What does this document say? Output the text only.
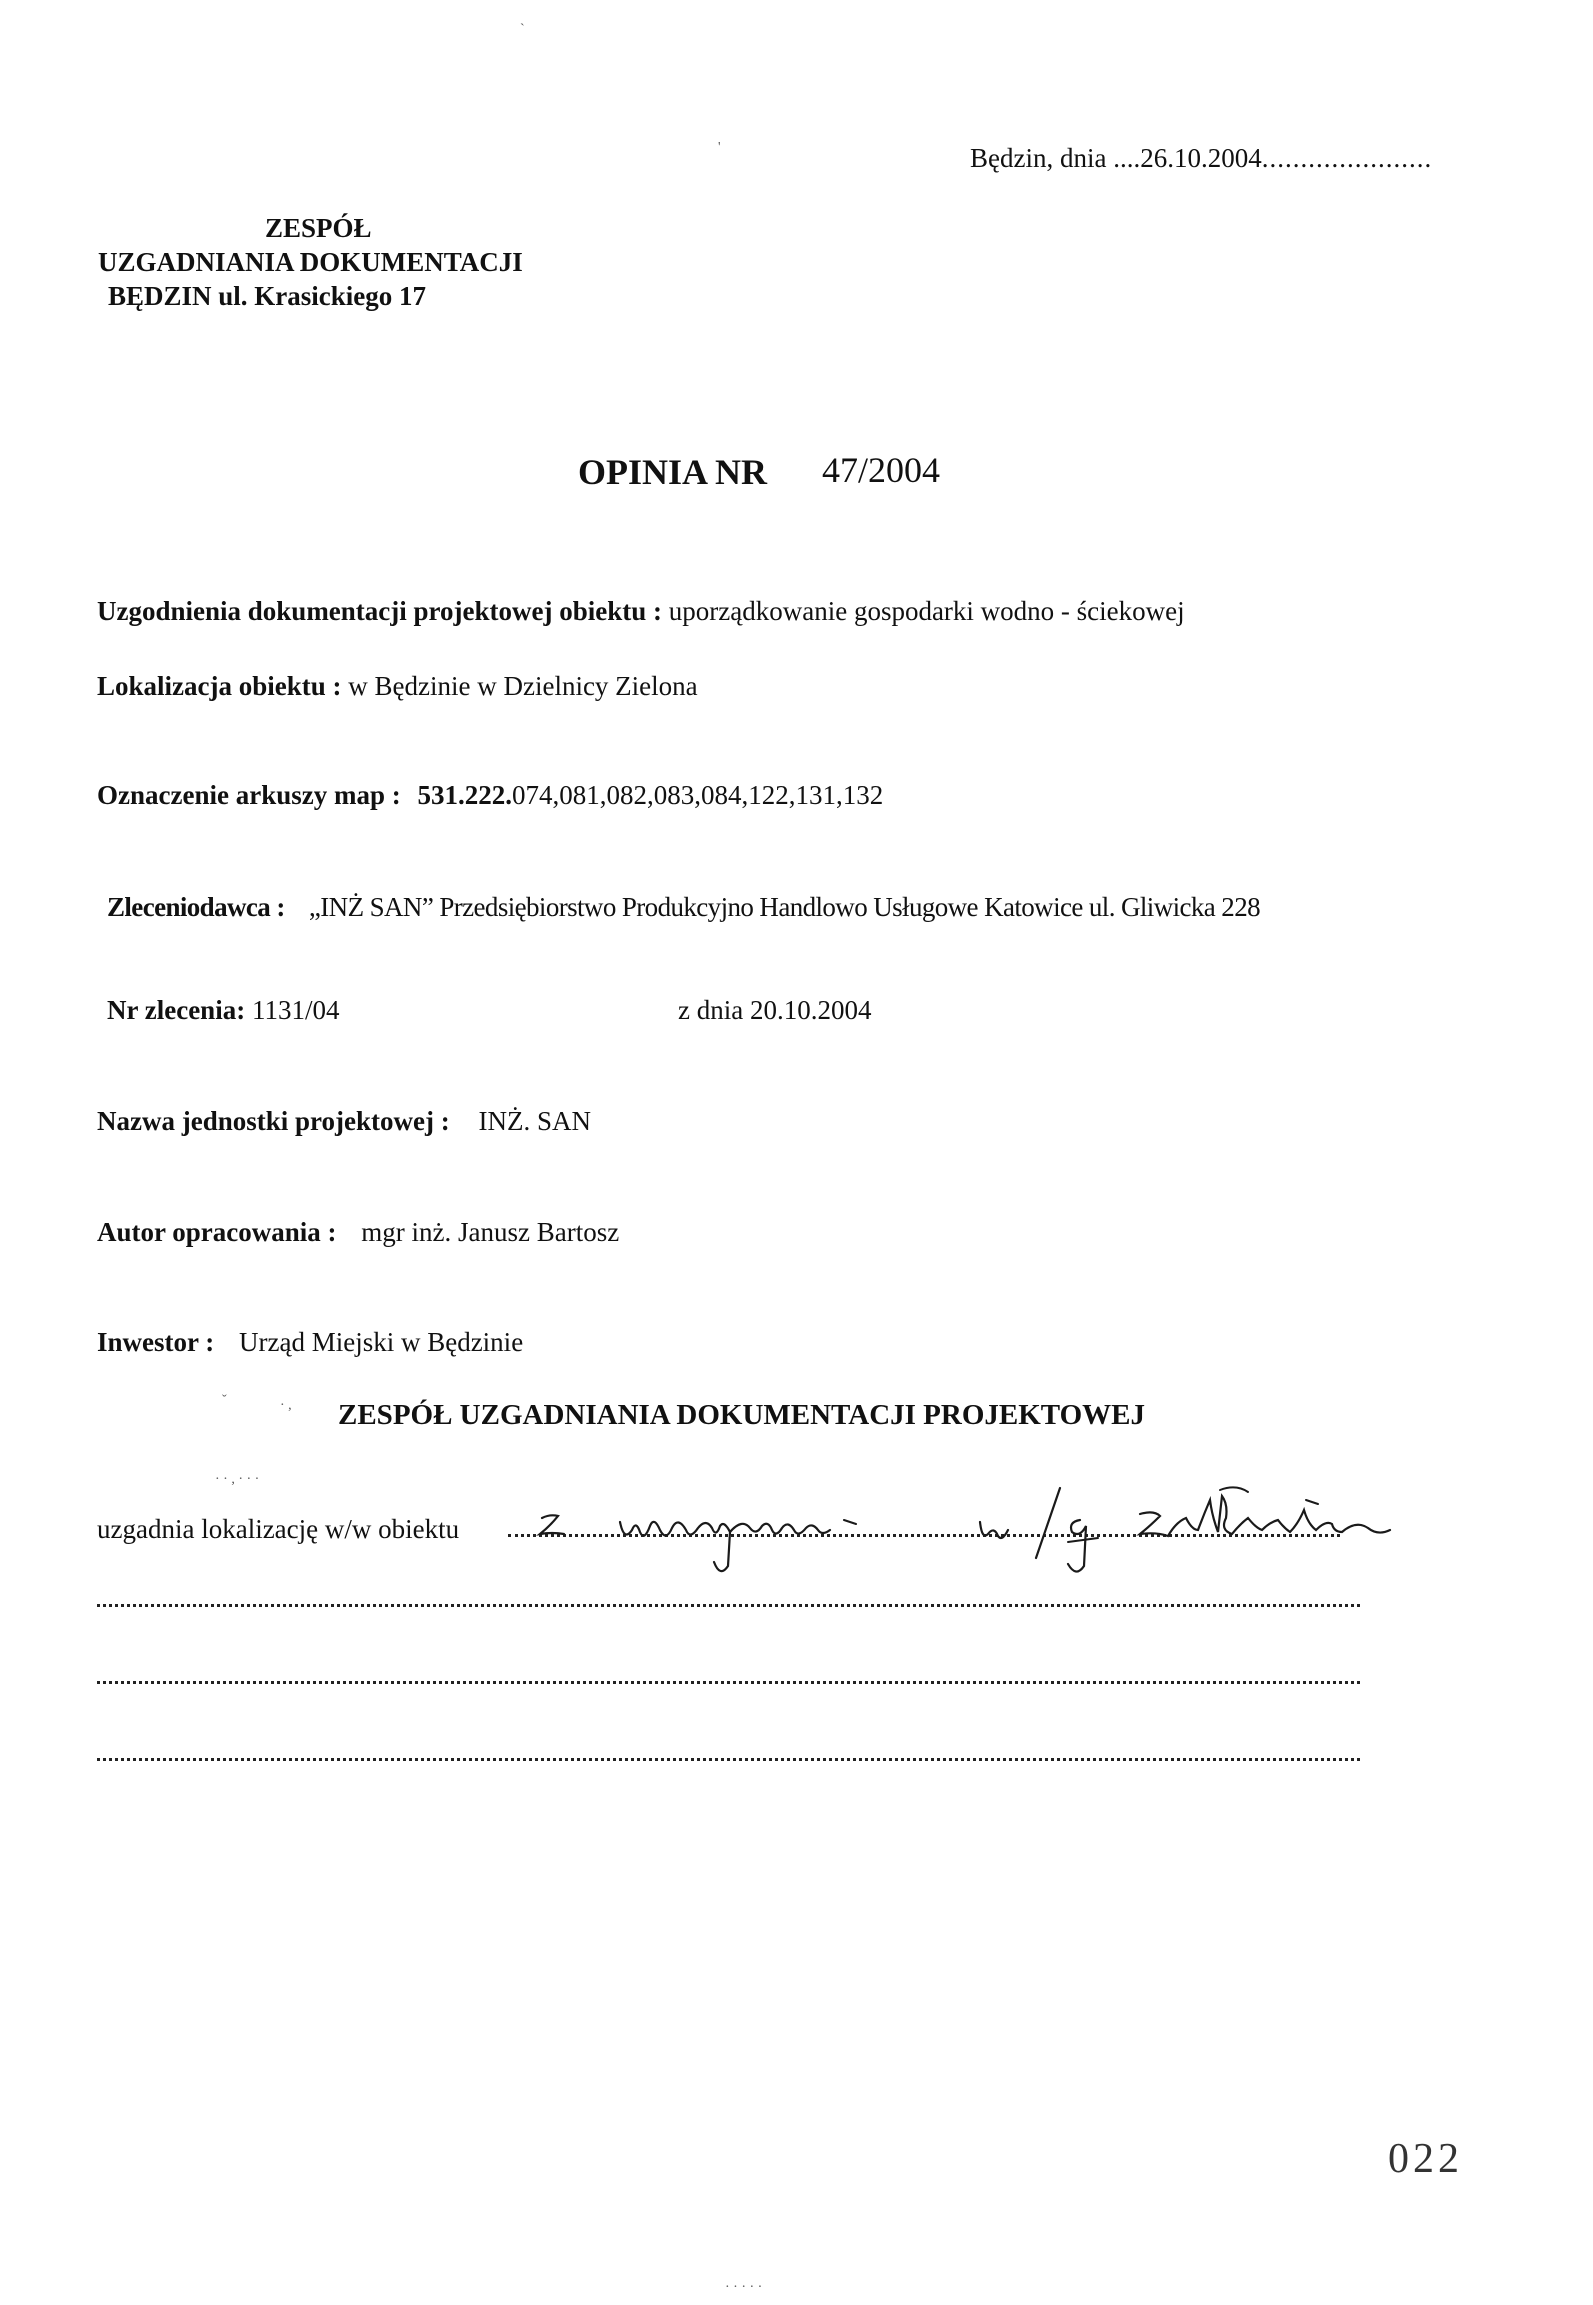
Będzin, dnia ....26.10.2004......................
ZESPÓŁ
UZGADNIANIA DOKUMENTACJI
BĘDZIN ul. Krasickiego 17
OPINIA NR 47/2004
Uzgodnienia dokumentacji projektowej obiektu : uporządkowanie gospodarki wodno - ściekowej
Lokalizacja obiektu : w Będzinie w Dzielnicy Zielona
Oznaczenie arkuszy map : 531.222.074,081,082,083,084,122,131,132
Zleceniodawca : „INŻ SAN” Przedsiębiorstwo Produkcyjno Handlowo Usługowe Katowice ul. Gliwicka 228
Nr zlecenia: 1131/04	z dnia 20.10.2004
Nazwa jednostki projektowej : INŻ. SAN
Autor opracowania : mgr inż. Janusz Bartosz
Inwestor : Urząd Miejski w Będzinie
ZESPÓŁ UZGADNIANIA DOKUMENTACJI PROJEKTOWEJ
ˇ	· ,
· · , · · ·
uzgadnia lokalizację w/w obiektu
022
`
'
· · · · ·
